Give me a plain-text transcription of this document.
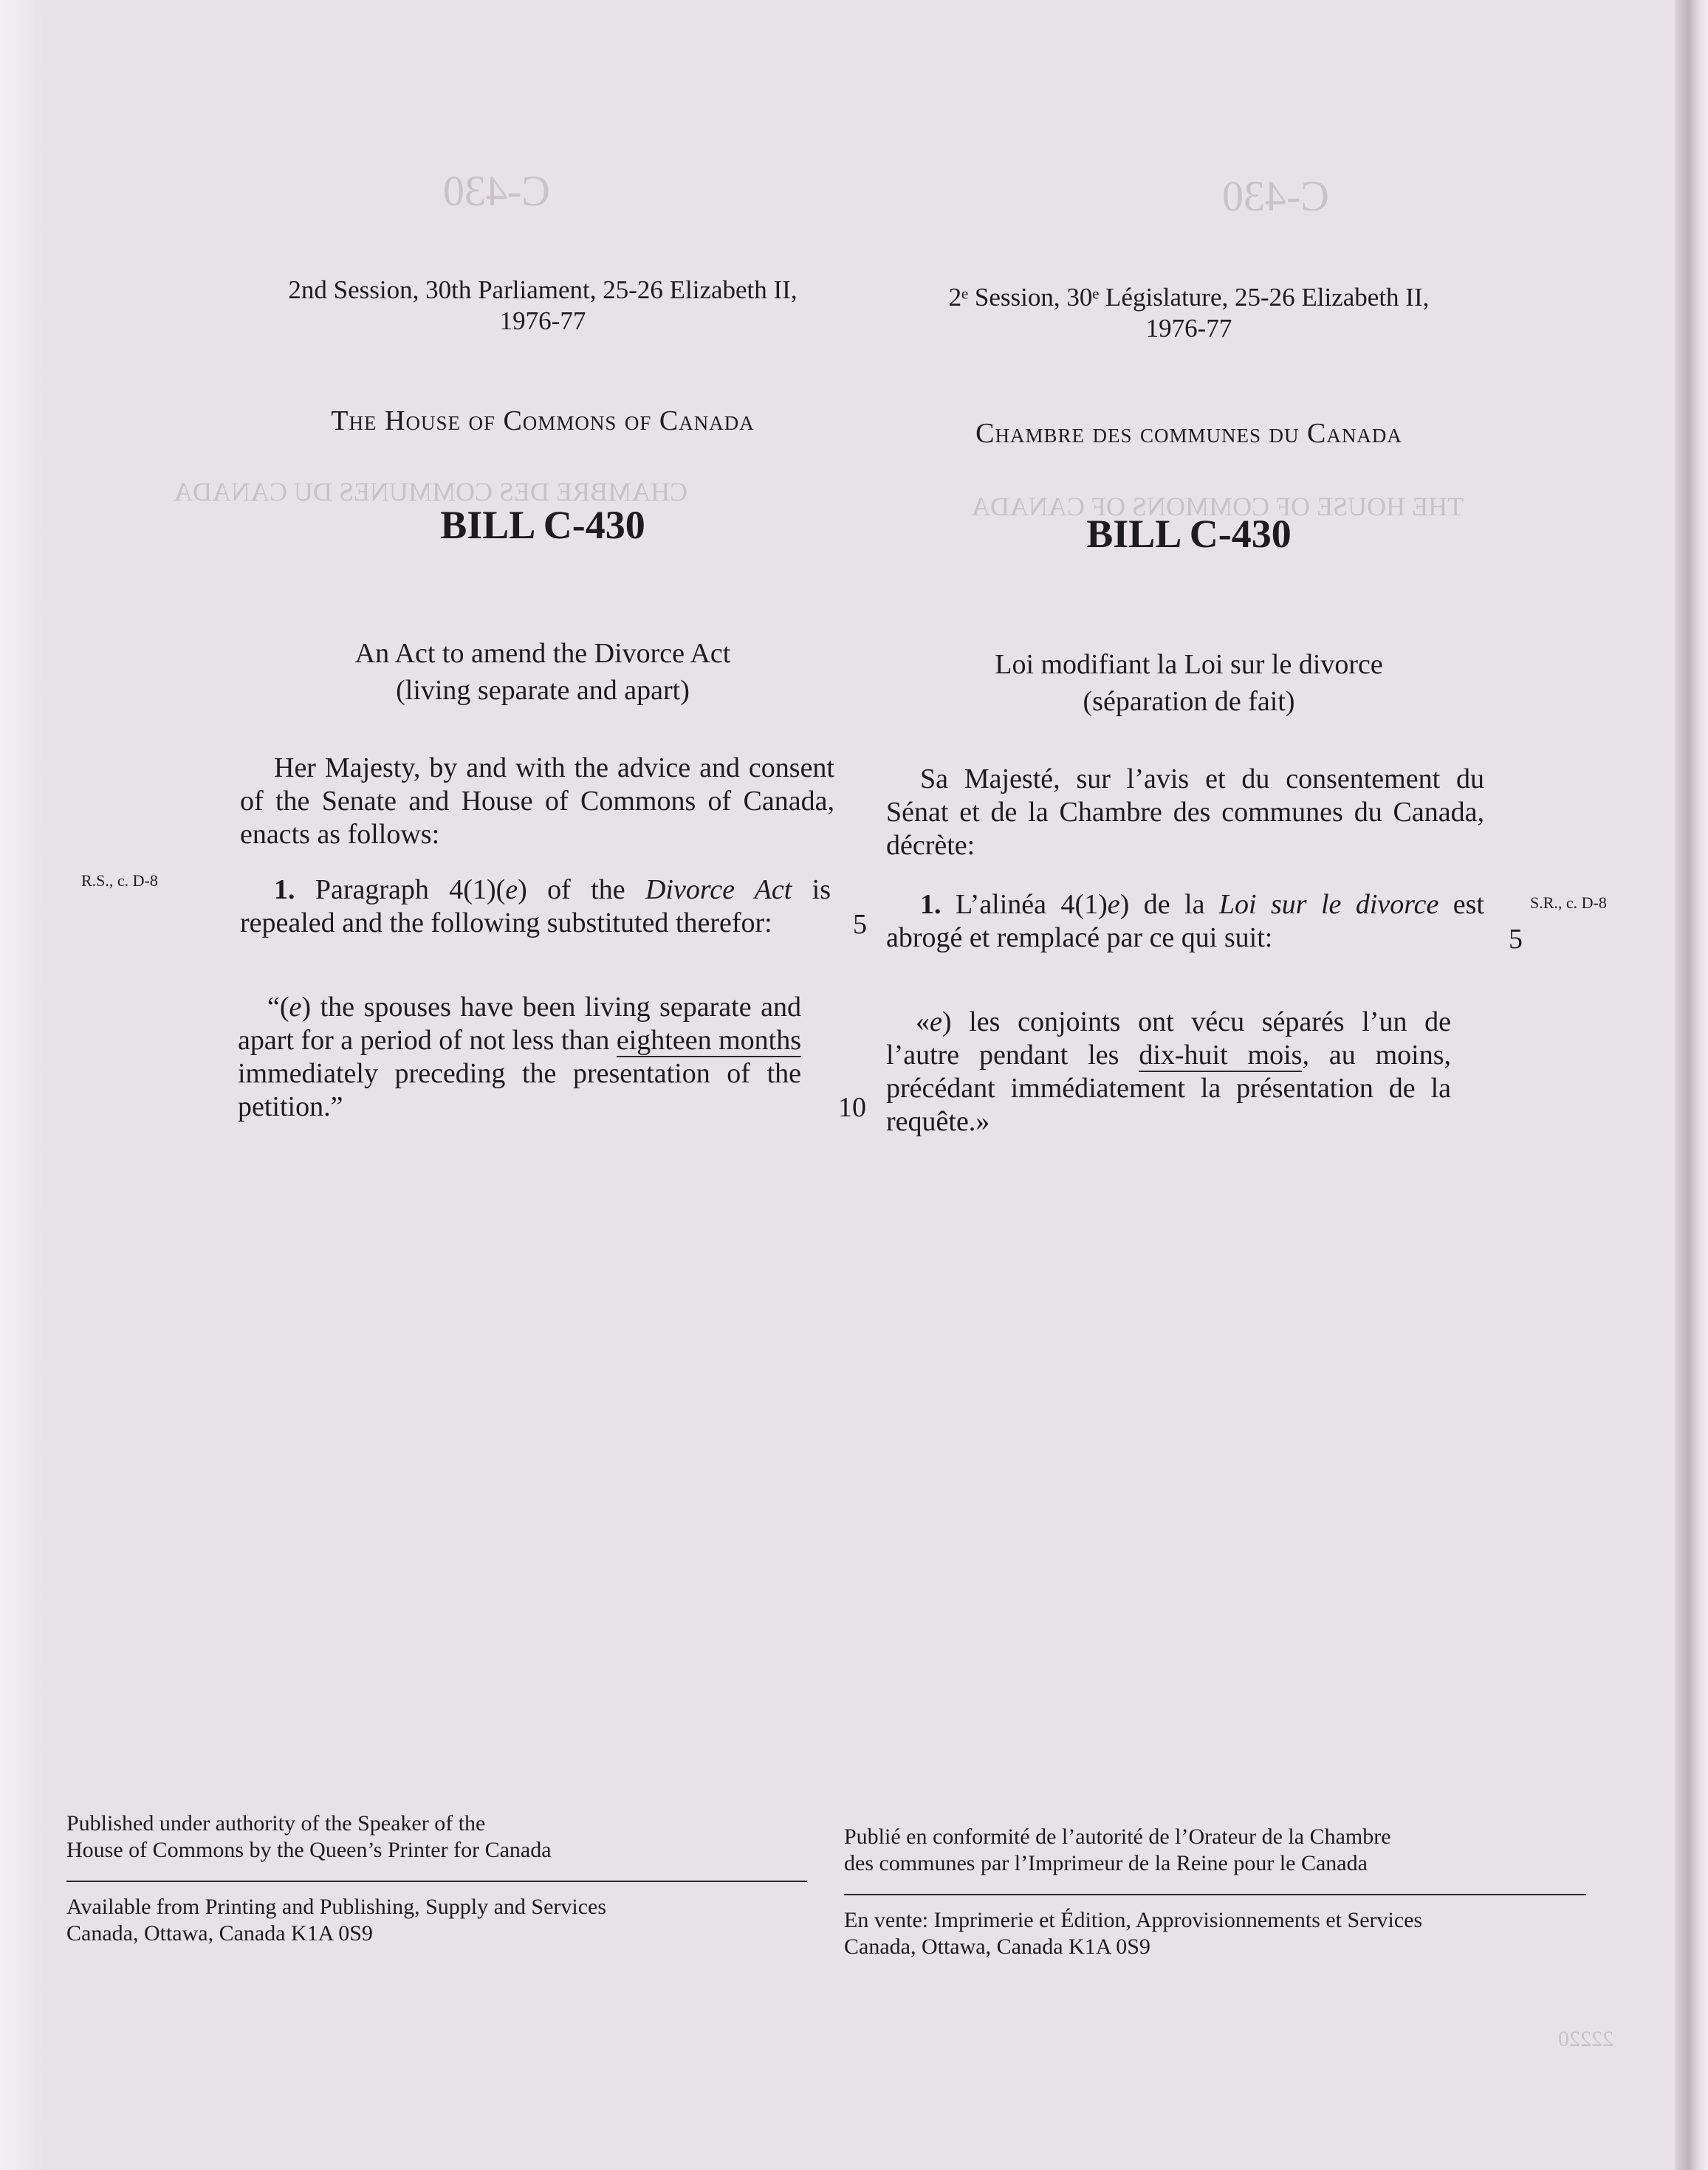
C-430	C-430
CHAMBRE DES COMMUNES DU CANADA	THE HOUSE OF COMMONS OF CANADA
22220
2nd Session, 30th Parliament, 25-26 Elizabeth II,
1976-77
The House of Commons of Canada
BILL C-430
An Act to amend the Divorce Act
(living separate and apart)
Her Majesty, by and with the advice and consent of the Senate and House of Commons of Canada, enacts as follows:
R.S., c. D-8	1. Paragraph 4(1)(e) of the Divorce Act is repealed and the following substituted therefor:
“(e) the spouses have been living separate and apart for a period of not less than eighteen months immediately preceding the presentation of the petition.”
5
10
2ᵉ Session, 30ᵉ Législature, 25-26 Elizabeth II,
1976-77
Chambre des communes du Canada
BILL C-430
Loi modifiant la Loi sur le divorce
(séparation de fait)
Sa Majesté, sur l’avis et du consentement du Sénat et de la Chambre des communes du Canada, décrète:
1. L’alinéa 4(1)e) de la Loi sur le divorce est abrogé et remplacé par ce qui suit:
S.R., c. D-8
5
«e) les conjoints ont vécu séparés l’un de l’autre pendant les dix-huit mois, au moins, précédant immédiatement la présentation de la requête.»
Published under authority of the Speaker of the
House of Commons by the Queen’s Printer for Canada
Available from Printing and Publishing, Supply and Services
Canada, Ottawa, Canada K1A 0S9
Publié en conformité de l’autorité de l’Orateur de la Chambre
des communes par l’Imprimeur de la Reine pour le Canada
En vente: Imprimerie et Édition, Approvisionnements et Services
Canada, Ottawa, Canada K1A 0S9
